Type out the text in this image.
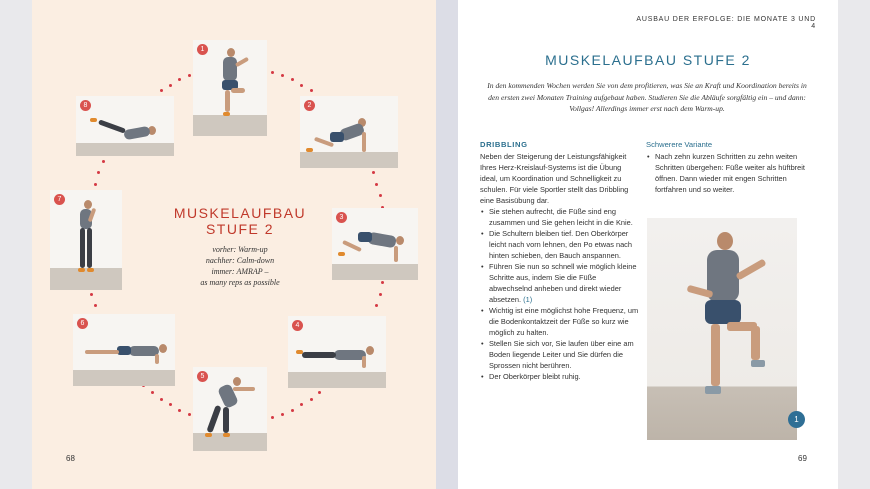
1
2
3
4
5
6
7
8
MUSKELAUFBAU STUFE 2
vorher: Warm-up
nachher: Calm-down
immer: AMRAP –
as many reps as possible
68
AUSBAU DER ERFOLGE: DIE MONATE 3 UND 4
MUSKELAUFBAU STUFE 2
In den kommenden Wochen werden Sie von dem profitieren, was Sie an Kraft und Koordination bereits in den ersten zwei Monaten Training aufgebaut haben. Studieren Sie die Abläufe sorgfältig ein – und dann: Vollgas! Allerdings immer erst nach dem Warm-up.
DRIBBLING

Neben der Steigerung der Leistungsfähigkeit Ihres Herz-Kreislauf-Systems ist die Übung ideal, um Koordination und Schnelligkeit zu schulen. Für viele Sportler stellt das Dribbling eine Basisübung dar.

• Sie stehen aufrecht, die Füße sind eng zusammen und Sie gehen leicht in die Knie.
• Die Schultern bleiben tief. Den Oberkörper leicht nach vorn lehnen, den Po etwas nach hinten schieben, den Bauch anspannen.
• Führen Sie nun so schnell wie möglich kleine Schritte aus, indem Sie die Füße abwechselnd anheben und direkt wieder absetzen. (1)
• Wichtig ist eine möglichst hohe Frequenz, um die Bodenkontaktzeit der Füße so kurz wie möglich zu halten.
• Stellen Sie sich vor, Sie laufen über eine am Boden liegende Leiter und Sie dürfen die Sprossen nicht berühren.
• Der Oberkörper bleibt ruhig.
Schwerere Variante
• Nach zehn kurzen Schritten zu zehn weiten Schritten übergehen: Füße weiter als hüftbreit öffnen. Dann wieder mit engen Schritten fortfahren und so weiter.
1
69
